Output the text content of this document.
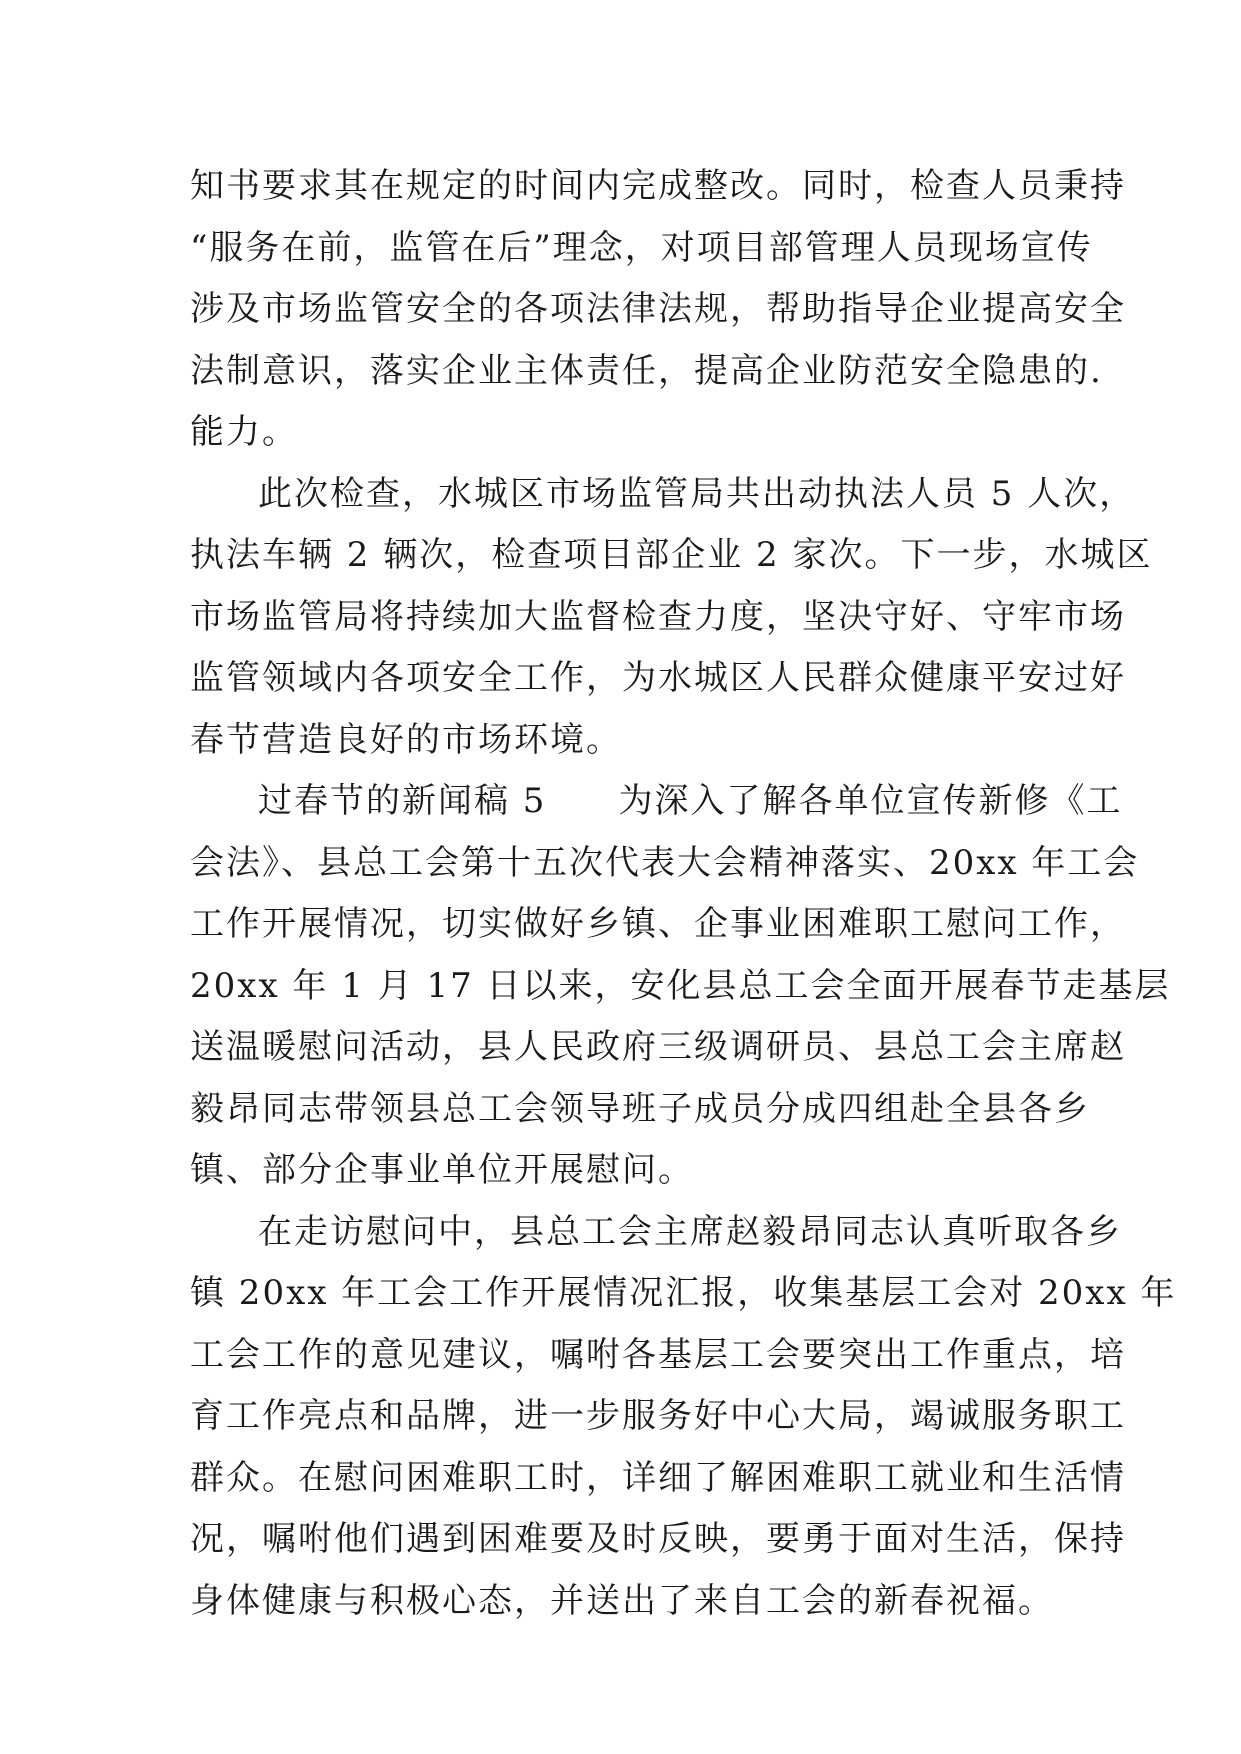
知书要求其在规定的时间内完成整改。同时，检查人员秉持
“服务在前，监管在后”理念，对项目部管理人员现场宣传
涉及市场监管安全的各项法律法规，帮助指导企业提高安全
法制意识，落实企业主体责任，提高企业防范安全隐患的.
能力。
此次检查，水城区市场监管局共出动执法人员 5 人次，
执法车辆 2 辆次，检查项目部企业 2 家次。下一步，水城区
市场监管局将持续加大监督检查力度，坚决守好、守牢市场
监管领域内各项安全工作，为水城区人民群众健康平安过好
春节营造良好的市场环境。
过春节的新闻稿 5　　为深入了解各单位宣传新修《工
会法》、县总工会第十五次代表大会精神落实、20xx 年工会
工作开展情况，切实做好乡镇、企事业困难职工慰问工作，
20xx 年 1 月 17 日以来，安化县总工会全面开展春节走基层
送温暖慰问活动，县人民政府三级调研员、县总工会主席赵
毅昂同志带领县总工会领导班子成员分成四组赴全县各乡
镇、部分企事业单位开展慰问。
在走访慰问中，县总工会主席赵毅昂同志认真听取各乡
镇 20xx 年工会工作开展情况汇报，收集基层工会对 20xx 年
工会工作的意见建议，嘱咐各基层工会要突出工作重点，培
育工作亮点和品牌，进一步服务好中心大局，竭诚服务职工
群众。在慰问困难职工时，详细了解困难职工就业和生活情
况，嘱咐他们遇到困难要及时反映，要勇于面对生活，保持
身体健康与积极心态，并送出了来自工会的新春祝福。
